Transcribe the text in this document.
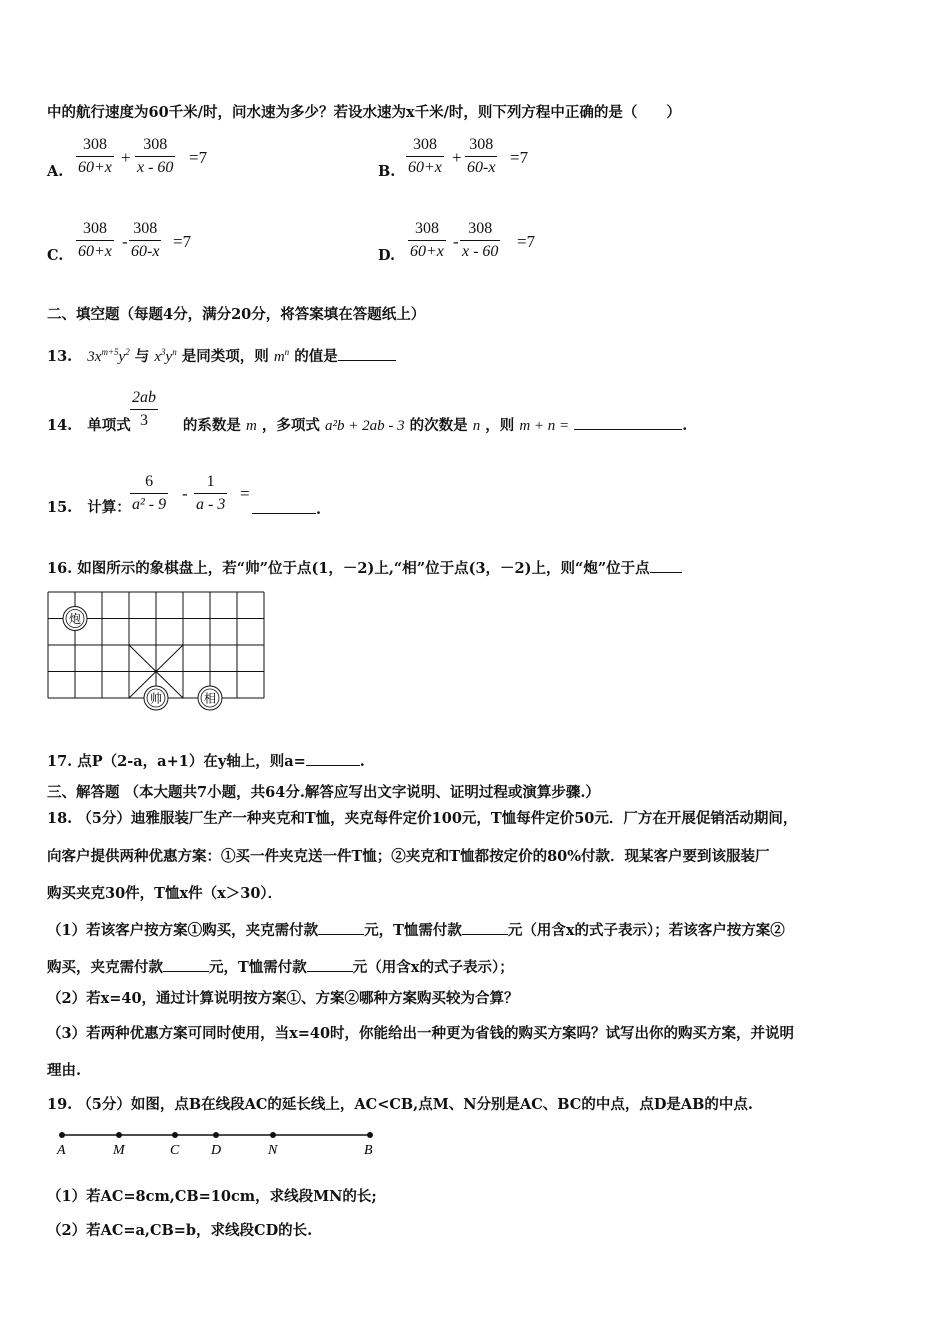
中的航行速度为60千米/时，问水速为多少？若设水速为x千米/时，则下列方程中正确的是（　　）
A. $\frac{308}{60+x} + \frac{308}{x - 60} =7$
B. $\frac{308}{60+x} + \frac{308}{60-x} =7$
C. $\frac{308}{60+x} - \frac{308}{60-x} =7$
D. $\frac{308}{60+x} - \frac{308}{x - 60} =7$
二、填空题（每题4分，满分20分，将答案填在答题纸上）
13. $3x^{m+5}y^2$ 与 $x^3y^n$ 是同类项，则 $m^n$ 的值是
14. 单项式	的系数是 m ，多项式 a²b + 2ab - 3 的次数是 n ，则 m + n =	.
$\frac{2ab}{3}$
15. 计算： $\frac{6}{\text{a² - 9}} - \frac{1}{a - 3}$ =
.
16. 如图所示的象棋盘上，若“帅”位于点(1，－2)上,“相”位于点(3，－2)上，则“炮”位于点
炮
帅	相
17. 点P（2-a，a+1）在y轴上，则a=	.
三、解答题 （本大题共7小题，共64分.解答应写出文字说明、证明过程或演算步骤.）
18. （5分）迪雅服装厂生产一种夹克和T恤，夹克每件定价100元，T恤每件定价50元．厂方在开展促销活动期间，
向客户提供两种优惠方案：①买一件夹克送一件T恤；②夹克和T恤都按定价的80%付款．现某客户要到该服装厂
购买夹克30件，T恤x件（x＞30）．
（1）若该客户按方案①购买，夹克需付款	元，T恤需付款	元（用含x的式子表示）；若该客户按方案②
购买，夹克需付款	元，T恤需付款	元（用含x的式子表示）；
（2）若x=40，通过计算说明按方案①、方案②哪种方案购买较为合算？
（3）若两种优惠方案可同时使用，当x=40时，你能给出一种更为省钱的购买方案吗？试写出你的购买方案，并说明
理由.
19. （5分）如图，点B在线段AC的延长线上，AC<CB,点M、N分别是AC、BC的中点，点D是AB的中点.
A	M	C D	N	B
（1）若AC=8cm,CB=10cm，求线段MN的长;
（2）若AC=a,CB=b，求线段CD的长.
